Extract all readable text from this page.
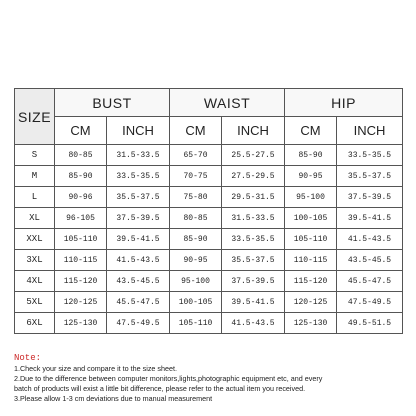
SIZE	BUST		WAIST		HIP	
	CM	INCH	CM	INCH	CM	INCH
S	80-85	31.5-33.5	65-70	25.5-27.5	85-90	33.5-35.5
M	85-90	33.5-35.5	70-75	27.5-29.5	90-95	35.5-37.5
L	90-96	35.5-37.5	75-80	29.5-31.5	95-100	37.5-39.5
XL	96-105	37.5-39.5	80-85	31.5-33.5	100-105	39.5-41.5
XXL	105-110	39.5-41.5	85-90	33.5-35.5	105-110	41.5-43.5
3XL	110-115	41.5-43.5	90-95	35.5-37.5	110-115	43.5-45.5
4XL	115-120	43.5-45.5	95-100	37.5-39.5	115-120	45.5-47.5
5XL	120-125	45.5-47.5	100-105	39.5-41.5	120-125	47.5-49.5
6XL	125-130	47.5-49.5	105-110	41.5-43.5	125-130	49.5-51.5
Note:
1.Check your size and compare it to the size sheet.
2.Due to the difference between computer monitors,lights,photographic equipment etc, and every
batch of products will exist a little bit difference, please refer to the actual item you received.
3.Please allow 1-3 cm deviations due to manual measurement
